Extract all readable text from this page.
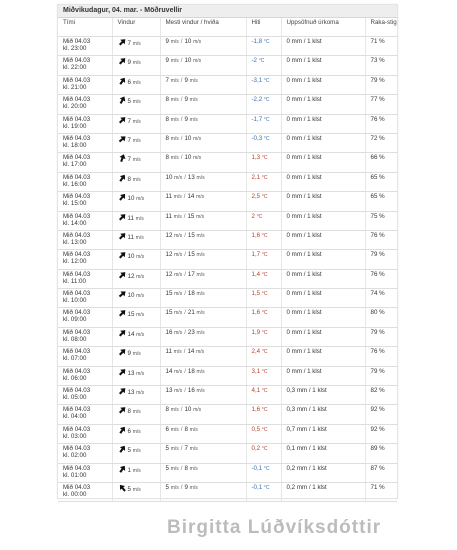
Miðvikudagur, 04. mar. - Möðruvellir
Tími	Vindur	Mesti vindur / hviða	Hiti	Uppsöfnuð úrkoma	Raka-stig
Mið 04.03
kl. 23:00	7 m/s	9 m/s / 10 m/s	-1,8 °C	0 mm / 1 klst	71 %
Mið 04.03
kl. 22:00	9 m/s	9 m/s / 10 m/s	-2 °C	0 mm / 1 klst	73 %
Mið 04.03
kl. 21:00	6 m/s	7 m/s / 9 m/s	-3,1 °C	0 mm / 1 klst	79 %
Mið 04.03
kl. 20:00	5 m/s	8 m/s / 9 m/s	-2,2 °C	0 mm / 1 klst	77 %
Mið 04.03
kl. 19:00	7 m/s	8 m/s / 9 m/s	-1,7 °C	0 mm / 1 klst	76 %
Mið 04.03
kl. 18:00	7 m/s	8 m/s / 10 m/s	-0,3 °C	0 mm / 1 klst	72 %
Mið 04.03
kl. 17:00	7 m/s	8 m/s / 10 m/s	1,3 °C	0 mm / 1 klst	66 %
Mið 04.03
kl. 16:00	8 m/s	10 m/s / 13 m/s	2,1 °C	0 mm / 1 klst	65 %
Mið 04.03
kl. 15:00	10 m/s	11 m/s / 14 m/s	2,5 °C	0 mm / 1 klst	65 %
Mið 04.03
kl. 14:00	11 m/s	11 m/s / 15 m/s	2 °C	0 mm / 1 klst	75 %
Mið 04.03
kl. 13:00	11 m/s	12 m/s / 15 m/s	1,6 °C	0 mm / 1 klst	76 %
Mið 04.03
kl. 12:00	10 m/s	12 m/s / 15 m/s	1,7 °C	0 mm / 1 klst	79 %
Mið 04.03
kl. 11:00	12 m/s	12 m/s / 17 m/s	1,4 °C	0 mm / 1 klst	76 %
Mið 04.03
kl. 10:00	10 m/s	15 m/s / 18 m/s	1,5 °C	0 mm / 1 klst	74 %
Mið 04.03
kl. 09:00	15 m/s	15 m/s / 21 m/s	1,6 °C	0 mm / 1 klst	80 %
Mið 04.03
kl. 08:00	14 m/s	16 m/s / 23 m/s	1,9 °C	0 mm / 1 klst	79 %
Mið 04.03
kl. 07:00	9 m/s	11 m/s / 14 m/s	2,4 °C	0 mm / 1 klst	76 %
Mið 04.03
kl. 06:00	13 m/s	14 m/s / 18 m/s	3,1 °C	0 mm / 1 klst	79 %
Mið 04.03
kl. 05:00	13 m/s	13 m/s / 16 m/s	4,1 °C	0,3 mm / 1 klst	82 %
Mið 04.03
kl. 04:00	8 m/s	8 m/s / 10 m/s	1,6 °C	0,3 mm / 1 klst	92 %
Mið 04.03
kl. 03:00	6 m/s	6 m/s / 8 m/s	0,5 °C	0,7 mm / 1 klst	92 %
Mið 04.03
kl. 02:00	5 m/s	5 m/s / 7 m/s	0,2 °C	0,1 mm / 1 klst	89 %
Mið 04.03
kl. 01:00	1 m/s	5 m/s / 8 m/s	-0,1 °C	0,2 mm / 1 klst	87 %
Mið 04.03
kl. 00:00	5 m/s	5 m/s / 9 m/s	-0,1 °C	0,2 mm / 1 klst	71 %
Birgitta Lúðvíksdóttir
